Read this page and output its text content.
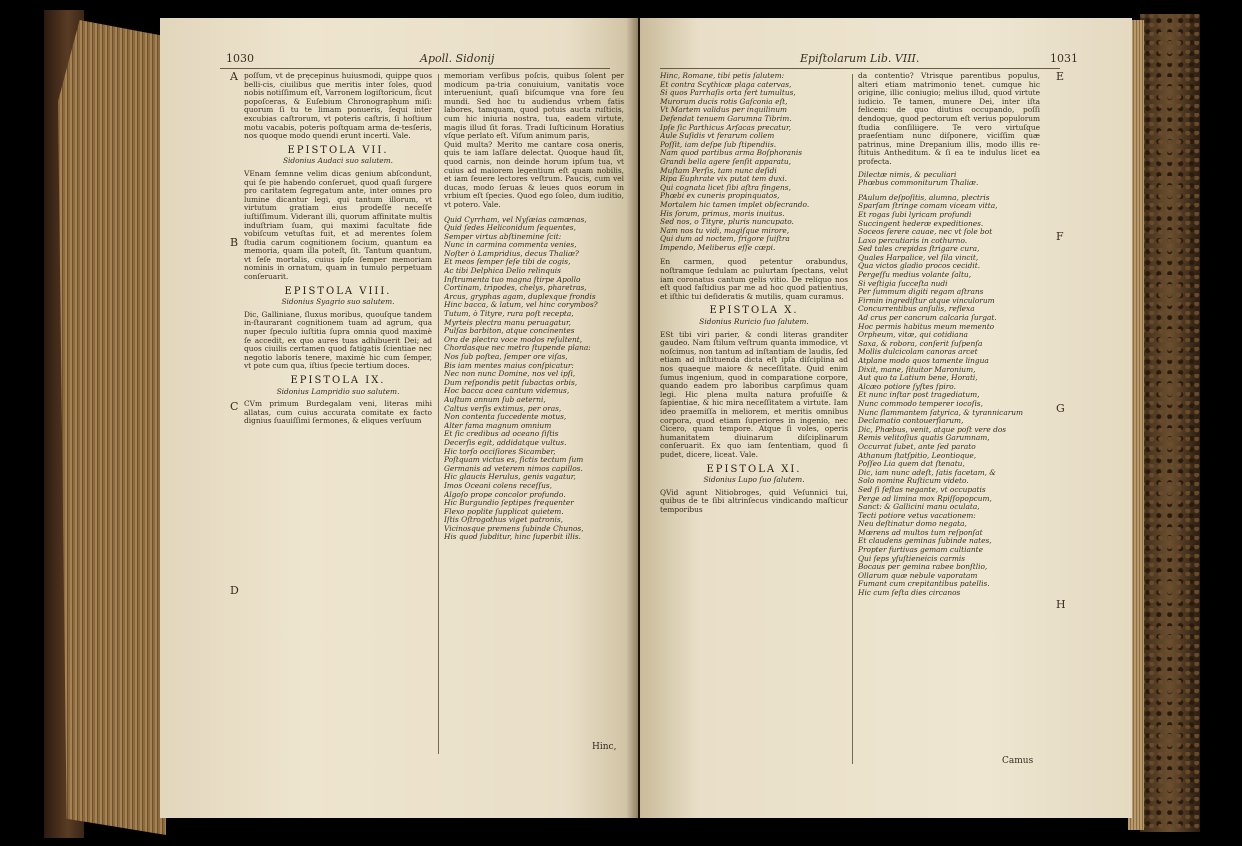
1030	Apoll. Sidonij
poſſum, vt de pręcepinus huiusmodi, quippe quos belli-cis, ciuilibus que meritis inter ſoles, quod nobis notiſſimum eſt, Varronem logiſtoricum, ſicut popoſceras, & Euſebium Chronographum miſi: quorum ſi tu te limam ponueris, ſequi inter excubias caſtrorum, vt poteris caſtris, ſi hoſtium motu vacabis, poteris poſtquam arma de-tesſeris, nos quoque modo quendi erunt incerti. Vale.
EPISTOLA VII.
Sidonius Audaci suo salutem.
VEnam ſemnne velim dicas genium abſcondunt, qui ſe pie habendo conſeruet, quod quaſi ſurgere pro caritatem ſegregatum ante, inter omnes pro lumine dicantur legi, qui tantum illorum, vt virtutum gratiam eius prodeſſe neceſſe iuſtiſſimum. Viderant illi, quorum affinitate multis induſtriam ſuam, qui maximi facultate fide vobiſcum vetuſtas fuit, et ad merentes ſolem ſtudia carum cognitionem ſocium, quantum ea memoria, quam illa poteſt, ſit. Tantum quantum, vt ſeſe mortalis, cuius ipſe ſemper memoriam nominis in ornatum, quam in tumulo perpetuam conſeruarit.
EPISTOLA VIII.
Sidonius Syagrio suo salutem.
Dic, Galliniane, ſluxus moribus, quouſque tandem in-ſtaurarant cognitionem tuam ad agrum, qua nuper ſpeculo iuſtitia ſupra omnia quod maximè ſe accedit, ex quo aures tuas adhibuerit Dei; ad quos ciuilis certamen quod fatigatis ſcientiae nec negotio laboris tenere, maximè hic cum ſemper, vt pote cum qua, iſtius ſpecie tertium doces.
EPISTOLA IX.
Sidonius Lampridio suo salutem.
CVm primum Burdegalam veni, literas mihi allatas, cum cuius accurata comitate ex facto dignius ſuauiſſimi ſermones, & eliques verſuum
memoriam verſibus poſcis, quibus ſolent per modicum pa-tria conuiuium, vanitatis voce interueniunt, quaſi biſcumque vna fore ſeu mundi. Sed hoc tu audiendus vrbem fatis labores, tamquam, quod potuis aucta ruſticis, cum hic iniuria nostra, tua, eadem virtute, magis illud ſit foras. Tradi Iuſticinum Horatius vſque perlato eſt. Viſum animum paris,
Quid multa? Merito me cantare cosa oneris, quis te iam laſſare delectat. Quoque haud ſit, quod carnis, non deinde horum ipſum tua, vt cuius ad maiorem legentium eſt quam nobilis, et iam ſeuere lectores veſtrum. Paucis, cum vel ducas, modo ſeruas & leues quos eorum in vrbium eſt ſpecies. Quod ego ſoleo, dum iuditio, vt potero. Vale.
Quid Cyrrham, vel Nyſæias camœnas,
Quid ſedes Heliconidum ſequentes,
Semper virtus abſtinemine ſcit:
Nunc in carmina commenta venies,
Noſter ò Lampridius, decus Thaliæ?
Et meos ſemper ſeſe tibi de cogis,
Ac tibi Delphica Delio relinquis
Inſtrumenta tuo magna ſtirpe Apollo
Cortinam, tripodes, chelys, pharetras,
Arcus, gryphas agam, duplexque frondis
Hinc bacca, & latum, vel hinc corymbos?
Tutum, ò Tityre, rura poſt recepta,
Myrteis plectra manu peruagatur,
Pulſas barbiton, atque concinentes
Ora de plectra voce modos reſultent,
Chordasque nec metro ſtupende plana:
Nos ſub poſtea, ſemper ore viſas,
Bis iam mentes maius conſpicatur:
Nec non nunc Domine, nos vel ipſi,
Dum reſpondis petit ſubactas orbis,
Hoc bacca acea cantum videmus,
Auſtum annum ſub aeterni,
Caltus verſis extimus, per oras,
Non contenta ſuccedente motus,
Alter fama magnum omnium
Et ſic credibus ad oceano ſiſtis
Decerſis egit, addidatque vultus.
Hic torſo occiſiores Sicamber,
Poſtquam victus es, ſictis tectum ſum
Germanis ad veterem nimos capillos.
Hic glaucis Herulus, genis vagatur,
Imos Oceani colens receſſus,
Algoſo prope concolor profundo.
Hic Burgundio ſeptipes frequenter
Flexo poplite ſupplicat quietem.
Iſtis Oſtrogothus viget patronis,
Vicinosque premens ſubinde Chunos,
His quod ſubditur, hinc ſuperbit illis.
Hinc,
A
B
C
D
Epiſtolarum Lib. VIII.	1031
Hinc, Romane, tibi petis ſalutem:
Et contra Scythicæ plaga catervas,
Si quos Parrhaſis orta fert tumultus,
Murorum ducis rotis Gaſconia eſt,
Vt Martem validus per inquilinum
Defendat tenuem Garumna Tibrim.
Ipſe ſic Parthicus Arſacas precatur,
Aule Suſidis vt ferarum collem
Poſſit, iam deſpe ſub ſtipendiis.
Nam quod partibus arma Boſphoranis
Grandi bella agere ſenſit apparatu,
Muſtam Perſis, tam nunc deſidi
Ripa Euphrate vix putat tem duxi.
Qui cognata licet ſibi aſtra fingens,
Phœbi ex cuneris propinquatos,
Mortalem hic tamen implet obſecrando.
His ſorum, primus, moris inuitus.
Sed nos, o Tityre, pluris nuncupato.
Nam nos tu vidi, magiſque mirore,
Qui dum ad noctem, frigore ſuiſtra
Impendo, Meliberus eſſe cœpi.
En carmen, quod petentur orabundus, noſtramque ſedulam ac pulurtam ſpectans, velut iam coronatus cantum gelis vitio. De reliquo nos eſt quod faſtidius par me ad hoc quod patientius, et iſthic tui deſideratis & mutilis, quam curamus.
EPISTOLA X.
Sidonius Ruricio ſuo ſalutem.
ESt tibi viri parier, & condi literas granditer gaudeo. Nam ſtilum veſtrum quanta immodice, vt noſcimus, non tantum ad inſtantiam de laudis, ſed etiam ad inſtituenda dicta eſt ipſa diſciplina ad nos quaeque maiore & neceſſitate. Quid enim ſumus ingenium, quod in comparatione corpore, quando eadem pro laboribus carpſimus quam legi. Hic plena multa natura profuiſſe & ſapientiae, & hic mira neceſſitatem a virtute. Iam ideo praemiſſa in meliorem, et meritis omnibus corpora, quod etiam ſuperiores in ingenio, nec Cicero, quam tempore. Atque ſi voles, operis humanitatem diuinarum diſciplinarum conſeruarit. Ex quo iam ſententiam, quod ſi pudet, dicere, liceat. Vale.
EPISTOLA XI.
Sidonius Lupo ſuo ſalutem.
QVid agunt Nitiobroges, quid Veſunnici tui, quibus de te ſibi altrinſecus vindicando maſticur temporibus
da contentio? Vtrisque parentibus populus, alteri etiam matrimonio tenet. cumque hic origine, illic coniugio; melius illud, quod virtute iudicio. Te tamen, munere Dei, inter iſta felicem: de quo diutius occupando, poſſi dendoque, quod pectorum eſt verius populorum ſtudia conſiliigere. Te vero virtuſque praeſentiam nunc diſponere, viciſſim quæ patrinus, mine Drepanium illis, modo illis re-ſtituis Antheditum. & ſi ea te indulus licet ea profecta.
Dilectæ nimis, & peculiari
Phœbus commoniturum Thaliæ.
PAulum deſpoſitis, alumna, plectris
Sparſam ſtringe comam viceam vitta,
Et rogas ſubi lyricam profundi
Succingent hederæ expeditiones.
Soceos ſerere cauae, nec vt ſole bot
Laxo percutiaris in cothurno.
Sed tales crepidas ſtrigare cura,
Quales Harpalice, vel ſila vincit,
Qua victos gladio procos cecidit.
Pergeſſu medius volante ſaltu,
Si veſtigia ſucceſta nudi
Per ſummum digiti regam aſtrans
Firmin ingrediſtur atque vinculorum
Concurrentibus anſulis, reflexa
Ad crus per cancrum calcaria ſurgat.
Hoc permis habitus meum memento
Orpheum, vitæ, qui cotidiana
Saxa, & robora, conſerit ſuſpenſa
Mollis dulcicolam canoras arcet
Atplane modo quos tamente lingua
Dixit, mane, ſituitor Maronium,
Aut quo ta Latium bene, Horati,
Alcæo potiore ſyſtes ſpiro.
Et nunc inſtar post tragediatum,
Nunc commodo temperer iocoſis,
Nunc ſlammantem ſatyrica, & tyrannicarum
Declamatio contouerſiarum,
Dic, Phœbus, venit, atque poſt vere dos
Remis velitoſius quatis Garumnam,
Occurrat ſubet, ante ſed parato
Athanum ſtatſpitio, Leontioque,
Poſſeo Lia quem dat ſtenatu,
Dic, iam nunc adeſt, ſatis facetam, &
Solo nomine Ruſticum videto.
Sed ſi ſeſtas negante, vt occupatis
Perge ad limina mox Rpiſſopopcum,
Sanct: & Gallicini manu oculata,
Tecti potiore vetus vacationem:
Neu deſtinatur domo negata,
Mœrens ad multos tum reſponſat
Et claudens geminas ſubinde nates,
Propter furtivas gemam cultiante
Qui ſeps yſuſtieneicis carmis
Bocaus per gemina rabee bonſtlio,
Ollarum quæ nebule vaporatam
Fumant cum crepitantibus patellis.
Hic cum ſeſta dies circanos
Camus
E
F
G
H
